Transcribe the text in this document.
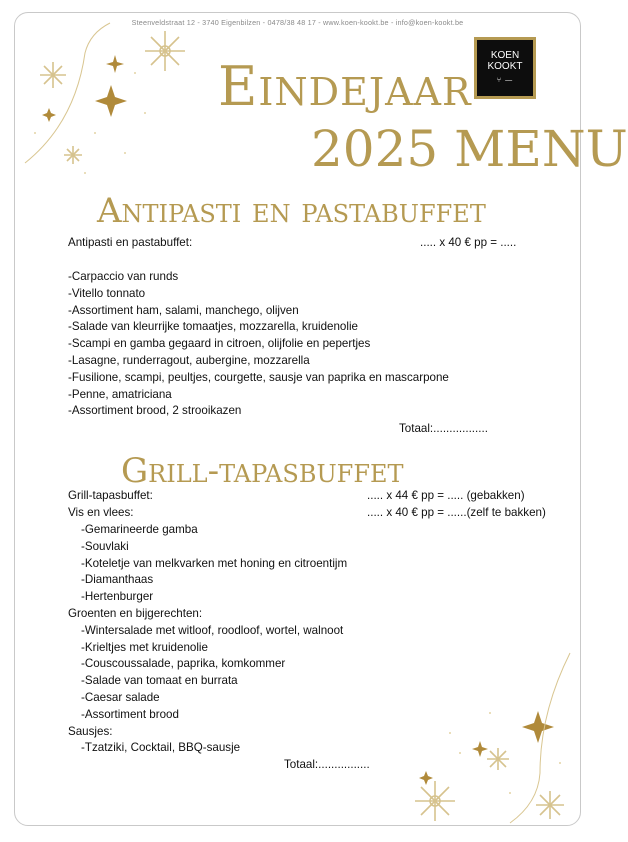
Steenveldstraat 12 - 3740 Eigenbilzen - 0478/38 48 17 - www.koen-kookt.be - info@koen-kookt.be
KOEN
KOOKT
⑂ —
Eindejaar
2025 MENU
Antipasti en pastabuffet
Antipasti en pastabuffet:	..... x 40 € pp = .....
-Carpaccio van runds
-Vitello tonnato
-Assortiment ham, salami, manchego, olijven
-Salade van kleurrijke tomaatjes, mozzarella, kruidenolie
-Scampi en gamba gegaard in citroen, olijfolie en pepertjes
-Lasagne, runderragout, aubergine, mozzarella
-Fusilione, scampi, peultjes, courgette, sausje van paprika en mascarpone
-Penne, amatriciana
-Assortiment brood, 2 strooikazen
Totaal:.................
Grill-tapasbuffet
Grill-tapasbuffet:	..... x 44 € pp = ..... (gebakken)
Vis en vlees:	..... x 40 € pp = ......(zelf te bakken)
-Gemarineerde gamba
-Souvlaki
-Koteletje van melkvarken met honing en citroentijm
-Diamanthaas
-Hertenburger
Groenten en bijgerechten:
-Wintersalade met witloof, roodloof, wortel, walnoot
-Krieltjes met kruidenolie
-Couscoussalade, paprika, komkommer
-Salade van tomaat en burrata
-Caesar salade
-Assortiment brood
Sausjes:
-Tzatziki, Cocktail, BBQ-sausje
Totaal:................
